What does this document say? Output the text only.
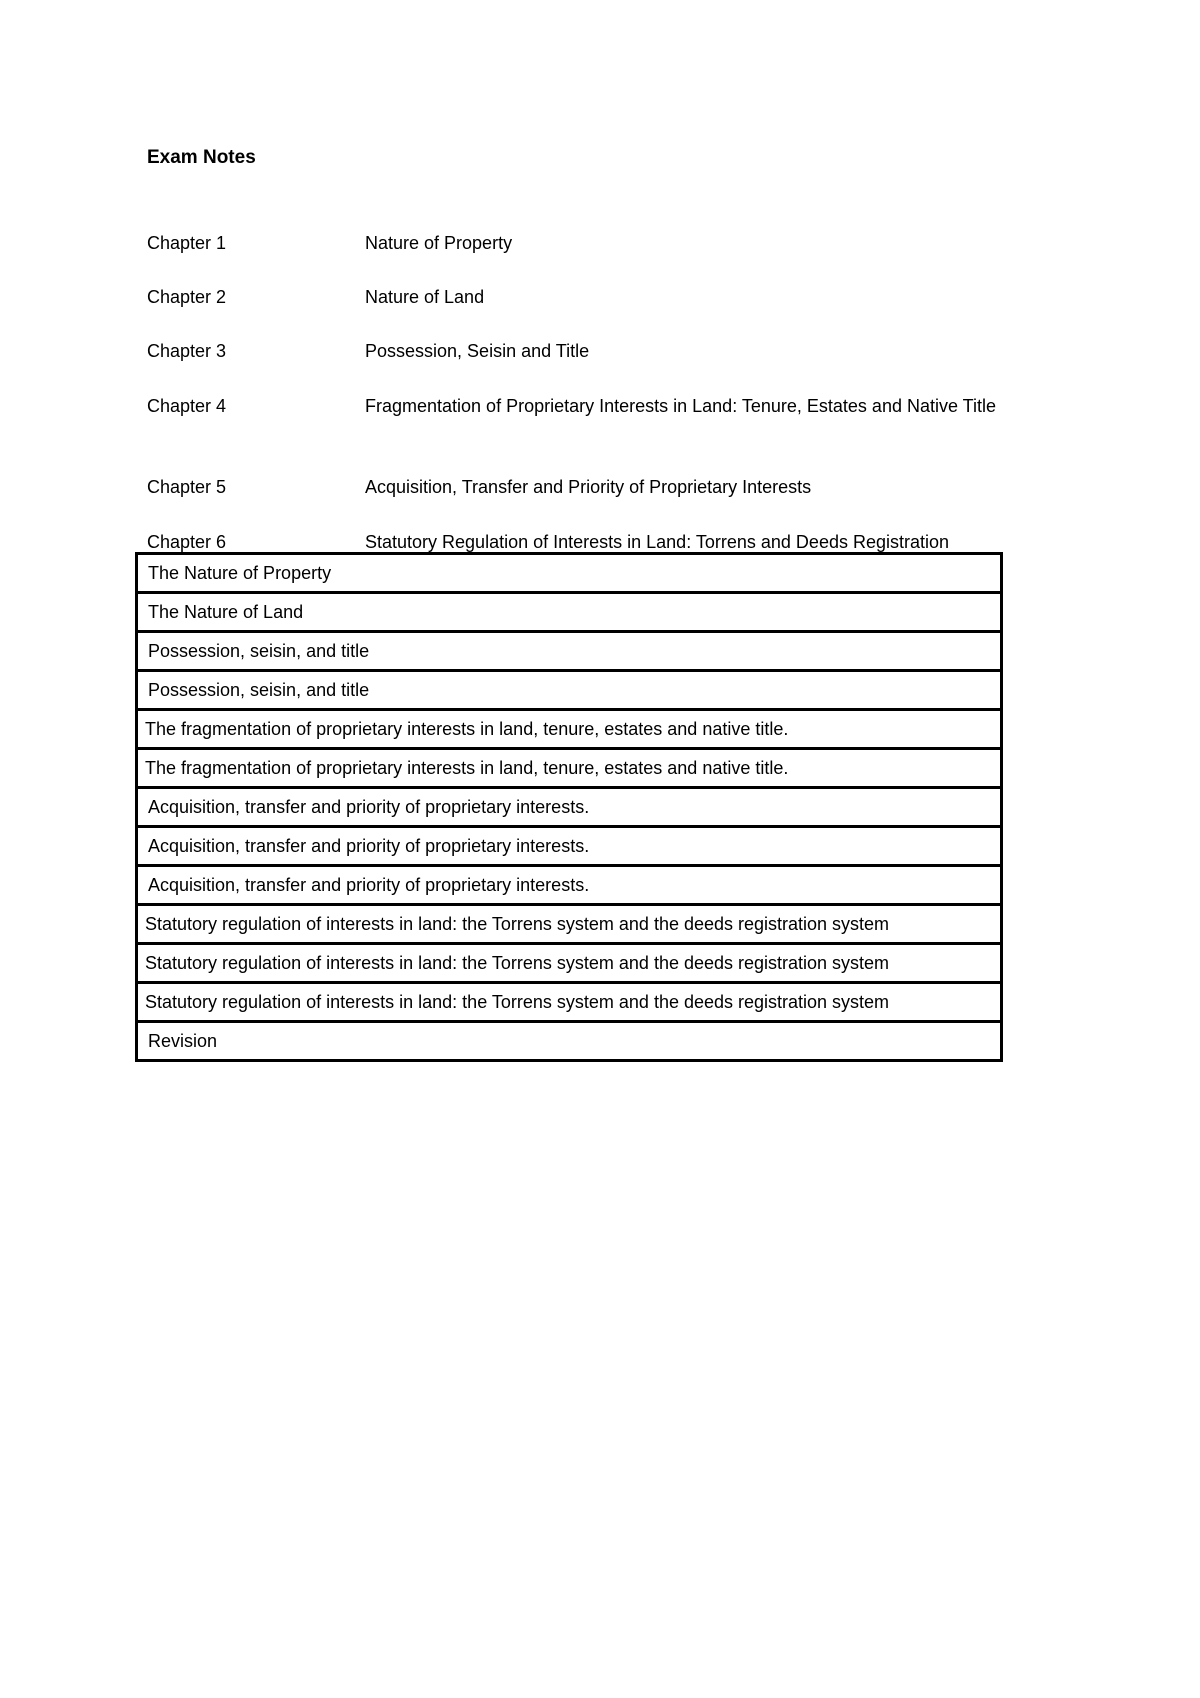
Exam Notes
Chapter 1	Nature of Property
Chapter 2	Nature of Land
Chapter 3	Possession, Seisin and Title
Chapter 4	Fragmentation of Proprietary Interests in Land: Tenure, Estates and Native Title
Chapter 5	Acquisition, Transfer and Priority of Proprietary Interests
Chapter 6	Statutory Regulation of Interests in Land: Torrens and Deeds Registration
The Nature of Property
The Nature of Land
Possession, seisin, and title
Possession, seisin, and title
The fragmentation of proprietary interests in land, tenure, estates and native title.
The fragmentation of proprietary interests in land, tenure, estates and native title.
Acquisition, transfer and priority of proprietary interests.
Acquisition, transfer and priority of proprietary interests.
Acquisition, transfer and priority of proprietary interests.
Statutory regulation of interests in land: the Torrens system and the deeds registration system
Statutory regulation of interests in land: the Torrens system and the deeds registration system
Statutory regulation of interests in land: the Torrens system and the deeds registration system
Revision
